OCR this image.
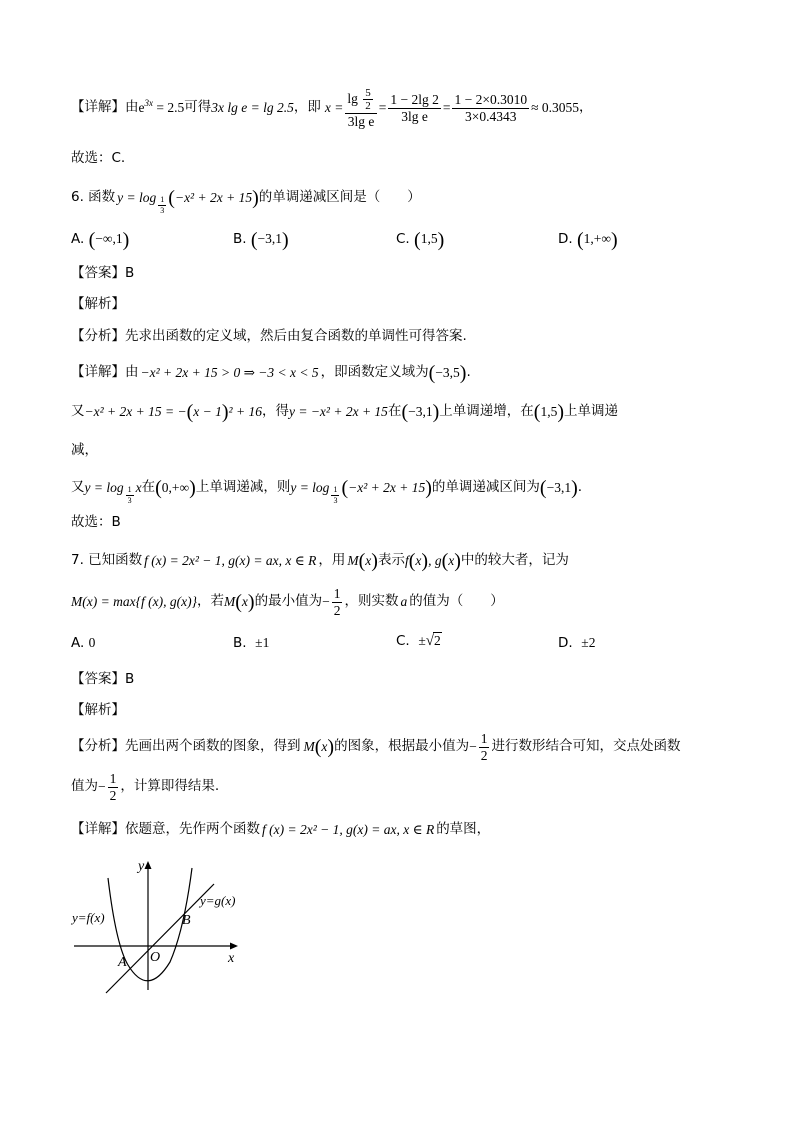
【详解】 由 $e^{3x} = 2.5$ 可得 3x lg e = lg 2.5 ，即 $x = \frac{\lg \frac{5}{2}}{\text{3lg e}} = \frac{1 - 2\lg 2}{\text{3lg e}} = \frac{1 - 2\times 0.3010}{3\times 0.4343} \approx 0.3055$ ，
故选：C.
6. 函数 $y = \log \frac{1}{3}$ ( −x² + 2x + 15 ) 的单调递减区间是（　　）
A. (−∞,1)	B. (−3,1)	C. (1,5)	D. (1,+∞)
【答案】B
【解析】
【分析】先求出函数的定义域，然后由复合函数的单调性可得答案.
【详解】 由 −x² + 2x + 15 > 0 ⇒ −3 < x < 5 ，即函数定义域为 ( −3,5 ) .
又 −x² + 2x + 15 = − ( x − 1 ) ² + 16 ，得 y = −x² + 2x + 15 在 ( −3,1 ) 上单调递增，在 ( 1,5 ) 上单调递
减，
又 $y = \log \frac{1}{3}$ x 在 ( 0,+∞ ) 上单调递减，则 $y = \log \frac{1}{3}$ ( −x² + 2x + 15 ) 的单调递减区间为 ( −3,1 ) .
故选：B
7. 已知函数 f (x) = 2x² − 1, g(x) = ax, x ∈ R ，用 M ( x ) 表示 f ( x ) , g ( x ) 中的较大者，记为
M(x) = max{f (x), g(x)} ，若 M ( x ) 的最小值为 − $\frac{1}{2}$ ，则实数 a 的值为（　　）
A. 0	B. ±1	C. ±√2	D. ±2
【答案】B
【解析】
【分析】 先画出两个函数的图象，得到 M ( x ) 的图象，根据最小值为 − $\frac{1}{2}$ 进行数形结合可知，交点处函数
值为 − $\frac{1}{2}$ ，计算即得结果.
【详解】 依题意，先作两个函数 f (x) = 2x² − 1, g(x) = ax, x ∈ R 的草图，
y
x
O
A
B
y=f(x)
y=g(x)
